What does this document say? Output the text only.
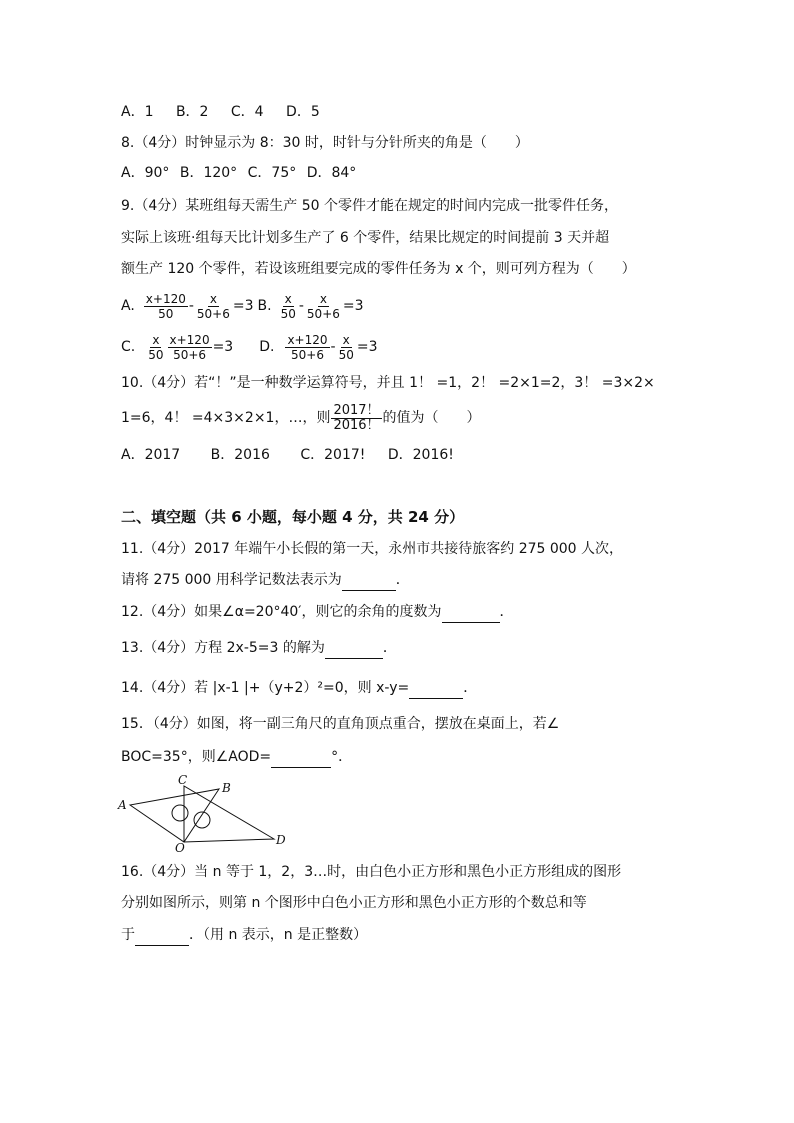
A．1 B．2 C．4 D．5
8.（4分）时钟显示为 8：30 时，时针与分针所夹的角是（　　）
A．90° B．120° C．75° D．84°
9.（4分）某班组每天需生产 50 个零件才能在规定的时间内完成一批零件任务，
实际上该班·组每天比计划多生产了 6 个零件，结果比规定的时间提前 3 天并超
额生产 120 个零件，若设该班组要完成的零件任务为 x 个，则可列方程为（　　）
A. $\frac{x+120}{50} - \frac{x}{50+6} =3$ B. $\frac{x}{50} - \frac{x}{50+6} =3$
C. $\frac{x}{50} \frac{x+120}{50+6} =3$ D. $\frac{x+120}{50+6} - \frac{x}{50} =3$
10.（4分）若“！”是一种数学运算符号，并且 1！ =1，2！ =2×1=2，3！ =3×2×
1=6，4！ =4×3×2×1，…，则 $\frac{2017!}{2016!}$ 的值为（　　）
A．2017 B．2016 C．2017! D．2016!
二、填空题（共 6 小题，每小题 4 分，共 24 分）
11.（4分）2017 年端午小长假的第一天，永州市共接待旅客约 275 000 人次，
请将 275 000 用科学记数法表示为	．
12.（4分）如果∠α=20°40′，则它的余角的度数为	．
13.（4分）方程 2x-5=3 的解为	．
14.（4分）若 |x-1 |+（y+2）²=0，则 x-y=	．
15．（4分）如图，将一副三角尺的直角顶点重合，摆放在桌面上，若∠
BOC=35°，则∠AOD=	°．
A
C
B
D
O
16.（4分）当 n 等于 1，2，3…时，由白色小正方形和黑色小正方形组成的图形
分别如图所示，则第 n 个图形中白色小正方形和黑色小正方形的个数总和等
于	．（用 n 表示，n 是正整数）
